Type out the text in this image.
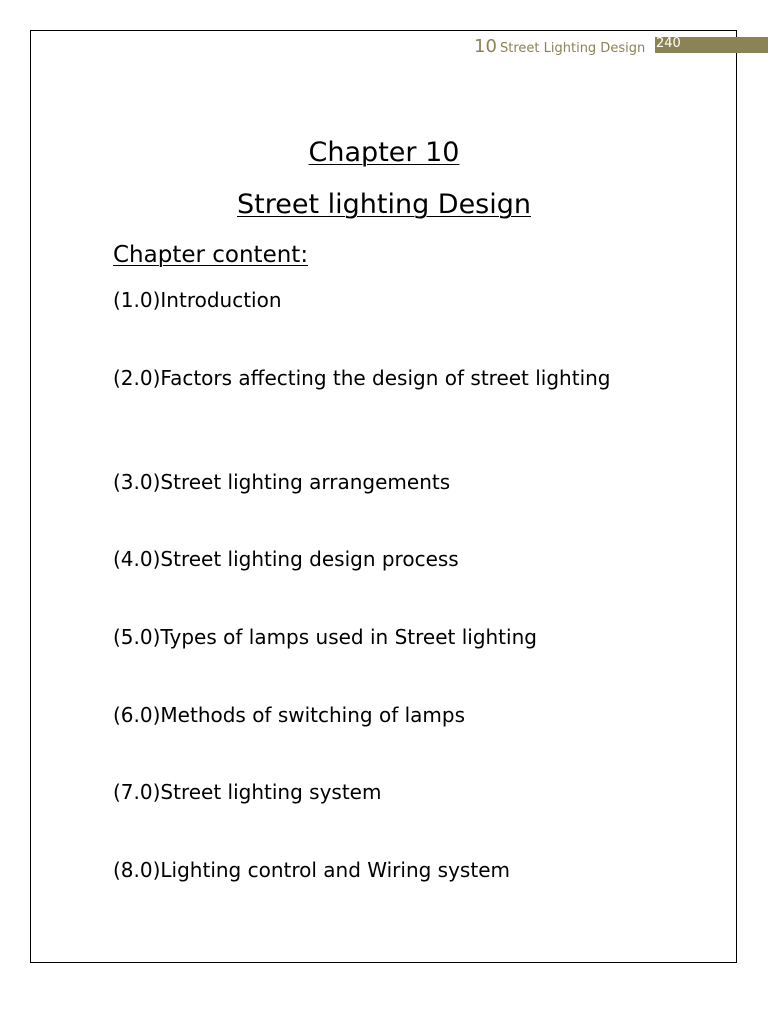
10 Street Lighting Design 240
Chapter 10
Street lighting Design
Chapter content:
(1.0)Introduction
(2.0)Factors affecting the design of street lighting
(3.0)Street lighting arrangements
(4.0)Street lighting design process
(5.0)Types of lamps used in Street lighting
(6.0)Methods of switching of lamps
(7.0)Street lighting system
(8.0)Lighting control and Wiring system
